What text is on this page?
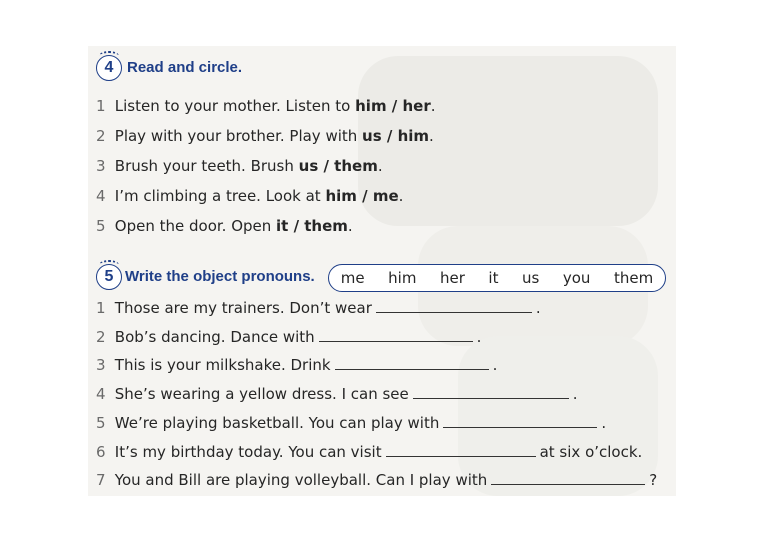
4 Read and circle.
1 Listen to your mother. Listen to him / her.
2 Play with your brother. Play with us / him.
3 Brush your teeth. Brush us / them.
4 I’m climbing a tree. Look at him / me.
5 Open the door. Open it / them.
5 Write the object pronouns. me him her it us you them
1 Those are my trainers. Don’t wear	.
2 Bob’s dancing. Dance with	.
3 This is your milkshake. Drink	.
4 She’s wearing a yellow dress. I can see	.
5 We’re playing basketball. You can play with	.
6 It’s my birthday today. You can visit	at six o’clock.
7 You and Bill are playing volleyball. Can I play with	?
